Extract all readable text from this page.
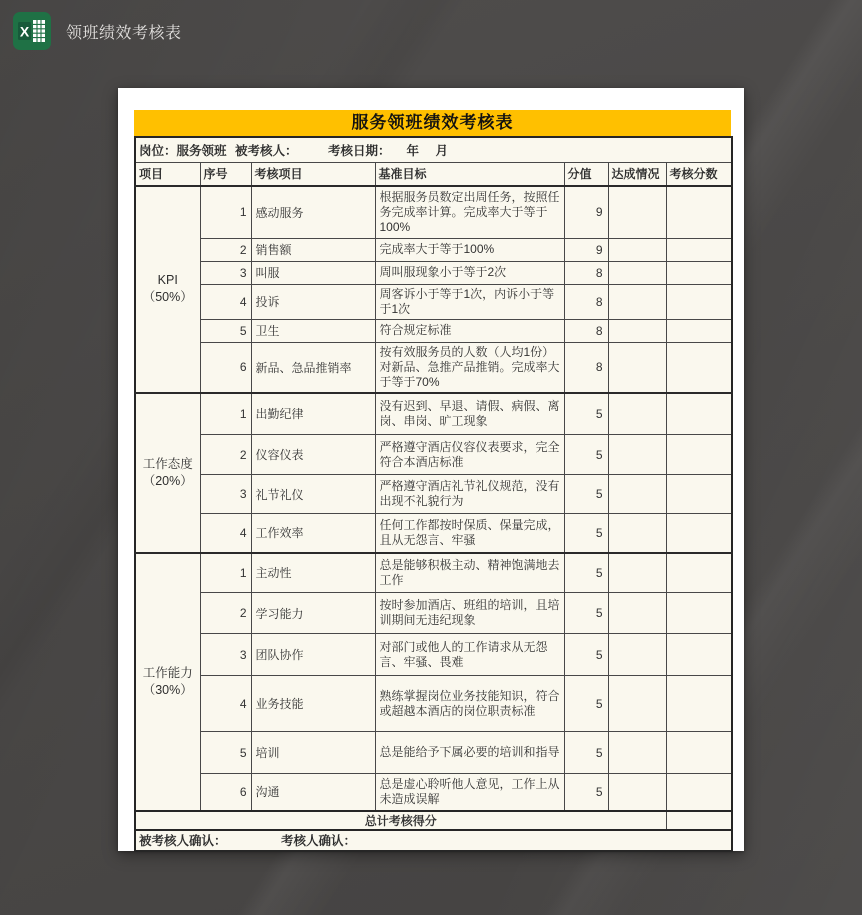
X 领班绩效考核表
服务领班绩效考核表
岗位：服务领班 被考核人： 考核日期： 年　月						

项目	序号	考核项目	基准目标	分值	达成情况	考核分数

KPI
（50%）	1	感动服务	根据服务员数定出周任务，按照任务完成率计算。完成率大于等于100%	9		
	2	销售额	完成率大于等于100%	9		
	3	叫服	周叫服现象小于等于2次	8		
	4	投诉	周客诉小于等于1次，内诉小于等于1次	8		
	5	卫生	符合规定标准	8		
	6	新品、急品推销率	按有效服务员的人数（人均1份）对新品、急推产品推销。完成率大于等于70%	8		

工作态度
（20%）	1	出勤纪律	没有迟到、早退、请假、病假、离岗、串岗、旷工现象	5		
	2	仪容仪表	严格遵守酒店仪容仪表要求，完全符合本酒店标准	5		
	3	礼节礼仪	严格遵守酒店礼节礼仪规范，没有出现不礼貌行为	5		
	4	工作效率	任何工作都按时保质、保量完成，且从无怨言、牢骚	5		

工作能力
（30%）	1	主动性	总是能够积极主动、精神饱满地去工作	5		
	2	学习能力	按时参加酒店、班组的培训，且培训期间无违纪现象	5		
	3	团队协作	对部门或他人的工作请求从无怨言、牢骚、畏难	5		
	4	业务技能	熟练掌握岗位业务技能知识，符合或超越本酒店的岗位职责标准	5		
	5	培训	总是能给予下属必要的培训和指导	5		
	6	沟通	总是虚心聆听他人意见，工作上从未造成误解	5		
总计考核得分						

被考核人确认： 考核人确认：						
